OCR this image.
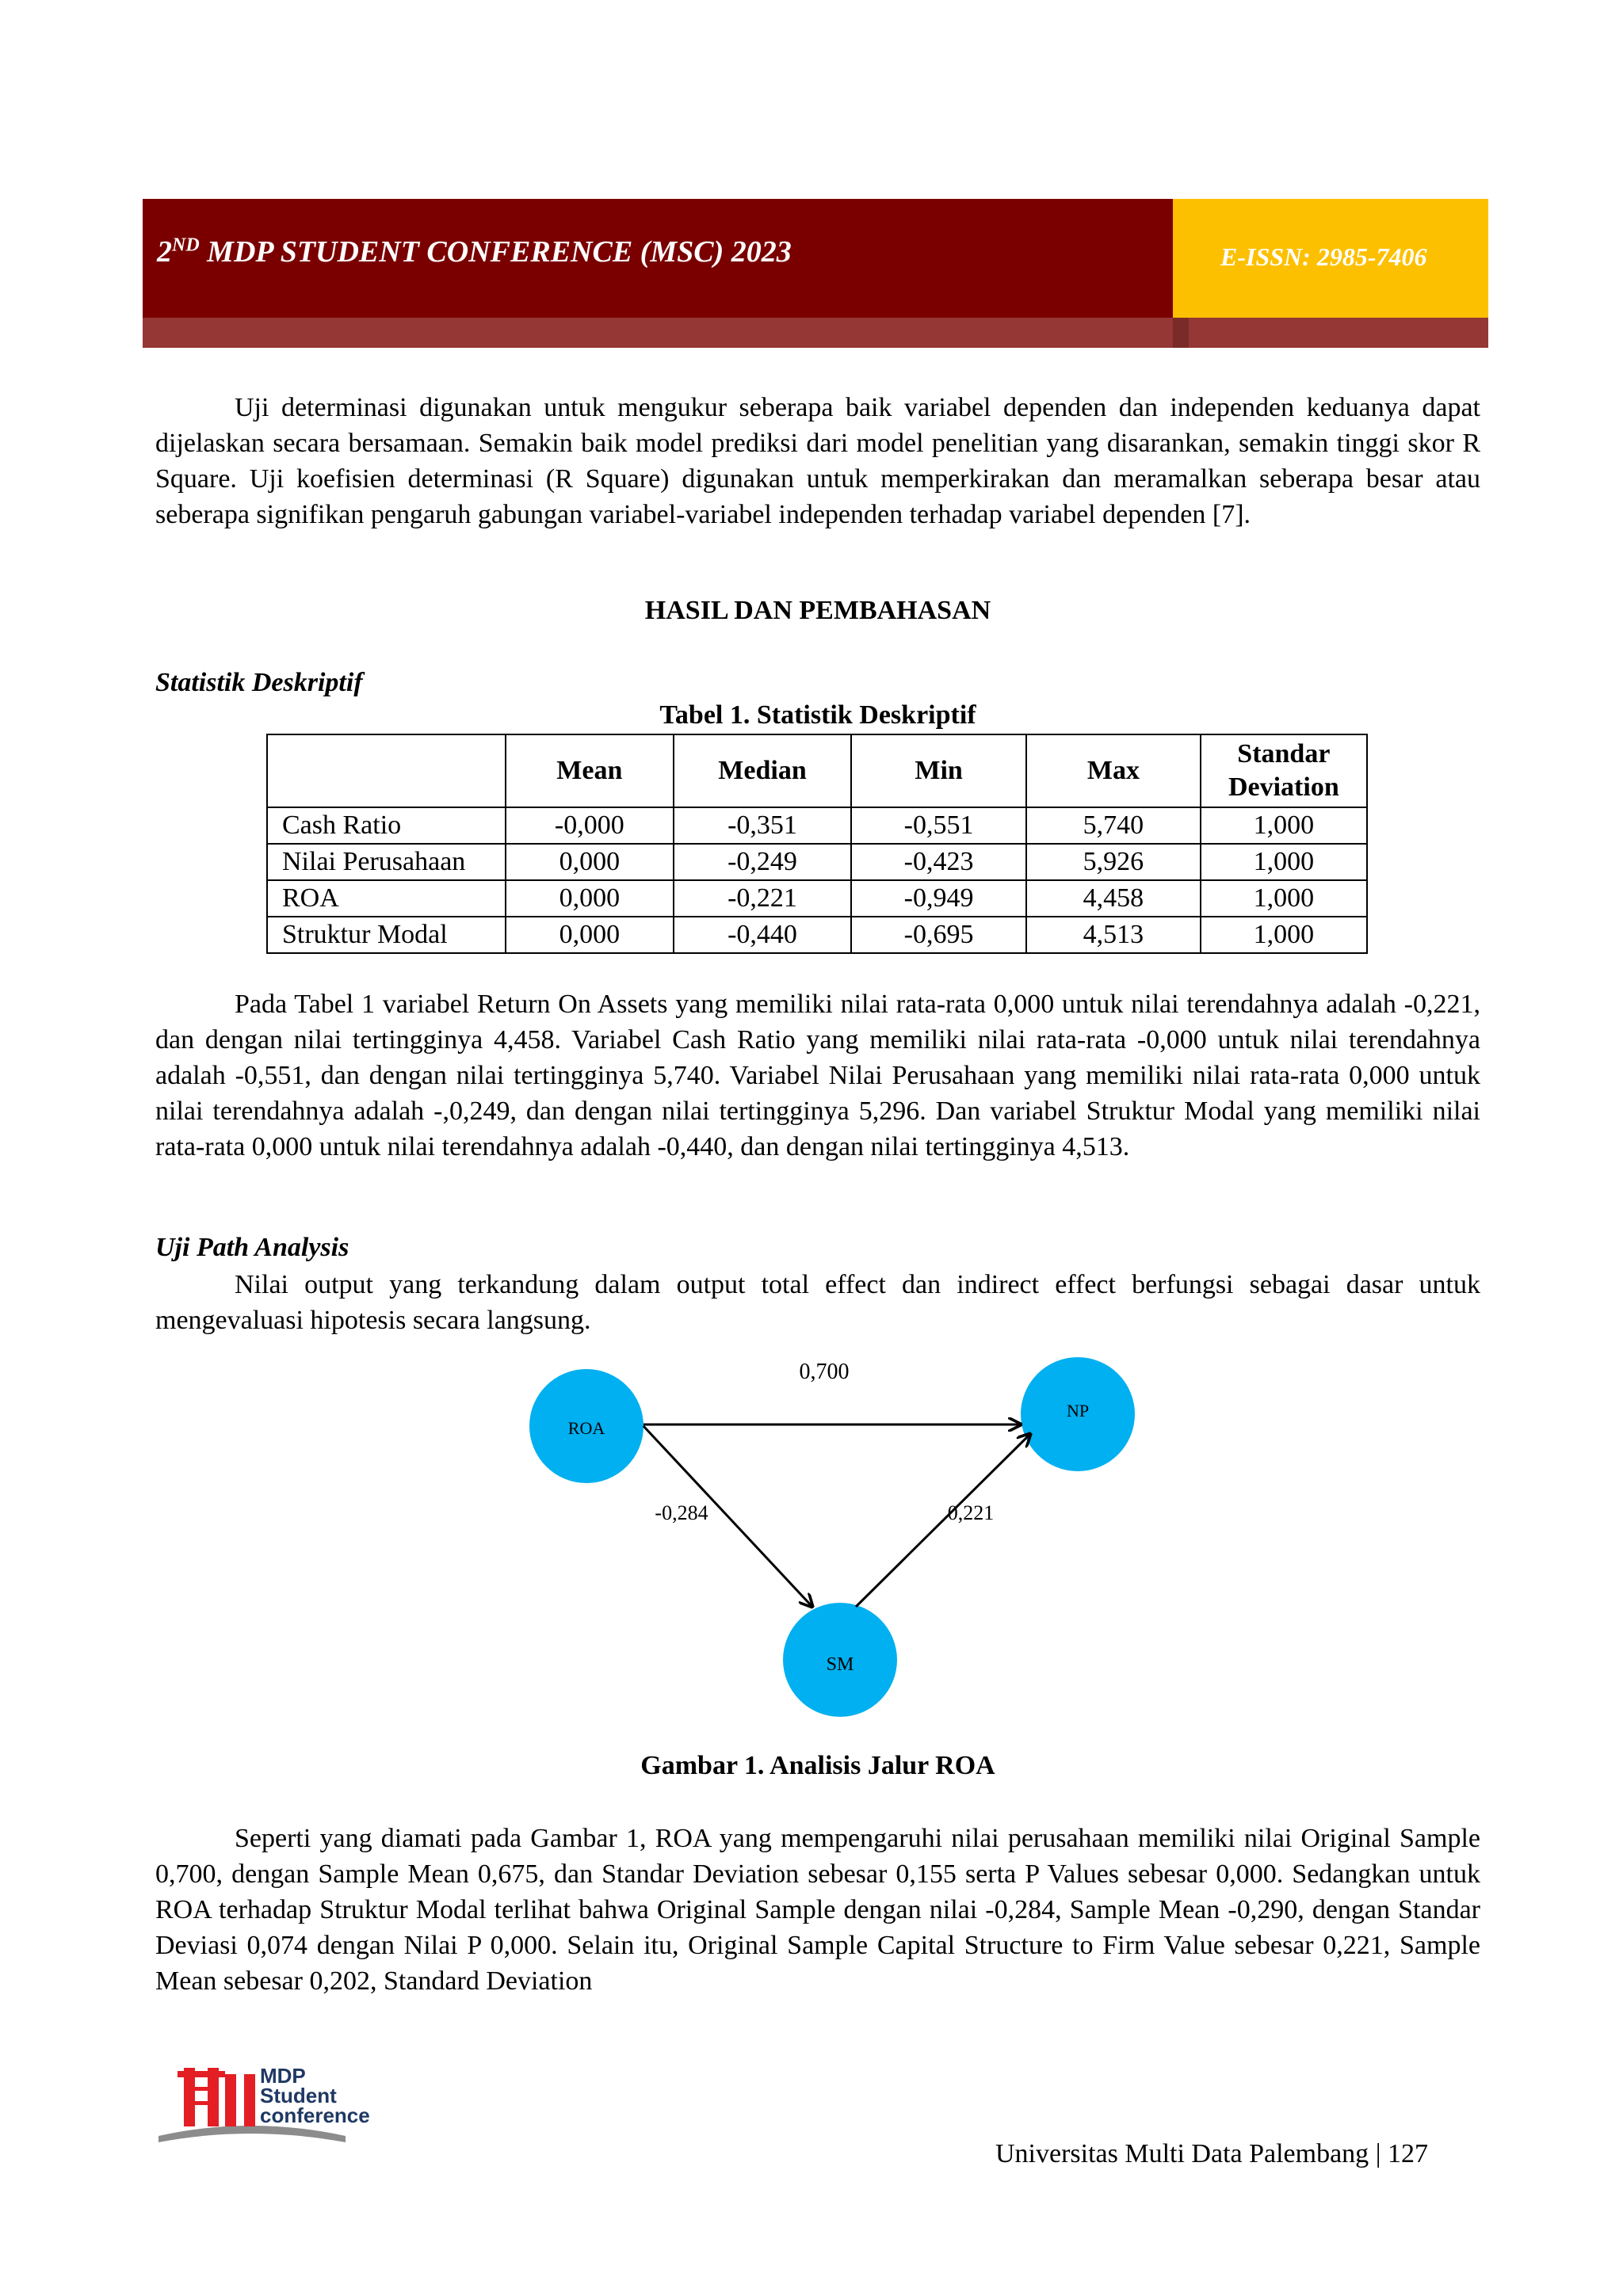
2ND MDP STUDENT CONFERENCE (MSC) 2023	E-ISSN: 2985-7406

Uji determinasi digunakan untuk mengukur seberapa baik variabel dependen dan independen keduanya dapat dijelaskan secara bersamaan. Semakin baik model prediksi dari model penelitian yang disarankan, semakin tinggi skor R Square. Uji koefisien determinasi (R Square) digunakan untuk memperkirakan dan meramalkan seberapa besar atau seberapa signifikan pengaruh gabungan variabel-variabel independen terhadap variabel dependen [7].

HASIL DAN PEMBAHASAN
Statistik Deskriptif
Tabel 1. Statistik Deskriptif
	Mean	Median	Min	Max	Standar Deviation
Cash Ratio	-0,000	-0,351	-0,551	5,740	1,000
Nilai Perusahaan	0,000	-0,249	-0,423	5,926	1,000
ROA	0,000	-0,221	-0,949	4,458	1,000
Struktur Modal	0,000	-0,440	-0,695	4,513	1,000

Pada Tabel 1 variabel Return On Assets yang memiliki nilai rata-rata 0,000 untuk nilai terendahnya adalah -0,221, dan dengan nilai tertingginya 4,458. Variabel Cash Ratio yang memiliki nilai rata-rata -0,000 untuk nilai terendahnya adalah -0,551, dan dengan nilai tertingginya 5,740. Variabel Nilai Perusahaan yang memiliki nilai rata-rata 0,000 untuk nilai terendahnya adalah -,0,249, dan dengan nilai tertingginya 5,296. Dan variabel Struktur Modal yang memiliki nilai rata-rata 0,000 untuk nilai terendahnya adalah -0,440, dan dengan nilai tertingginya 4,513.

Uji Path Analysis

Nilai output yang terkandung dalam output total effect dan indirect effect berfungsi sebagai dasar untuk mengevaluasi hipotesis secara langsung.

ROA
NP
SM
0,700
-0,284	0,221
Gambar 1. Analisis Jalur ROA

Seperti yang diamati pada Gambar 1, ROA yang mempengaruhi nilai perusahaan memiliki nilai Original Sample 0,700, dengan Sample Mean 0,675, dan Standar Deviation sebesar 0,155 serta P Values sebesar 0,000. Sedangkan untuk ROA terhadap Struktur Modal terlihat bahwa Original Sample dengan nilai -0,284, Sample Mean -0,290, dengan Standar Deviasi 0,074 dengan Nilai P 0,000. Selain itu, Original Sample Capital Structure to Firm Value sebesar 0,221, Sample Mean sebesar 0,202, Standard Deviation

MDP
Student
conference
Universitas Multi Data Palembang | 127
